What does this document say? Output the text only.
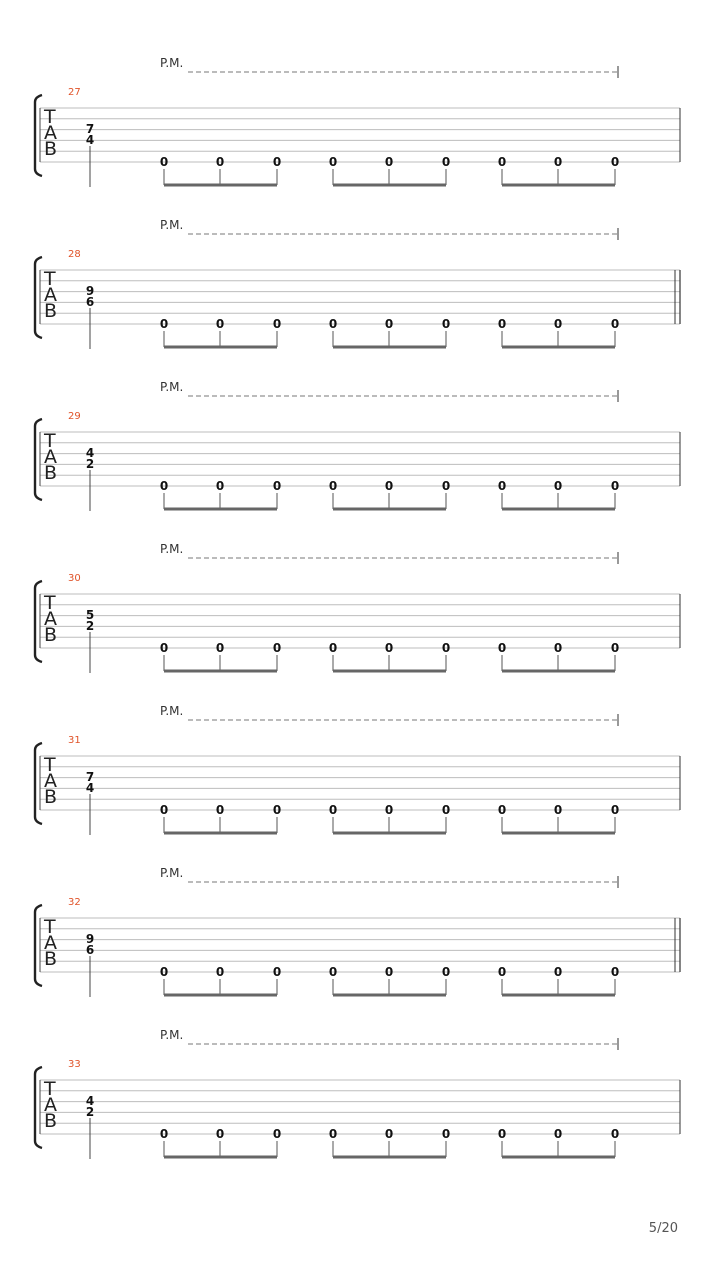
P.M.
27
T
A
B
7
4
0	0	0	0	0	0	0	0	0
P.M.
28
T
A
B
9
6
0	0	0	0	0	0	0	0	0
P.M.
29
T
A
B
4
2
0	0	0	0	0	0	0	0	0
P.M.
30
T
A
B
5
2
0	0	0	0	0	0	0	0	0
P.M.
31
T
A
B
7
4
0	0	0	0	0	0	0	0	0
P.M.
32
T
A
B
9
6
0	0	0	0	0	0	0	0	0
P.M.
33
T
A
B
4
2
0	0	0	0	0	0	0	0	0
5/20
